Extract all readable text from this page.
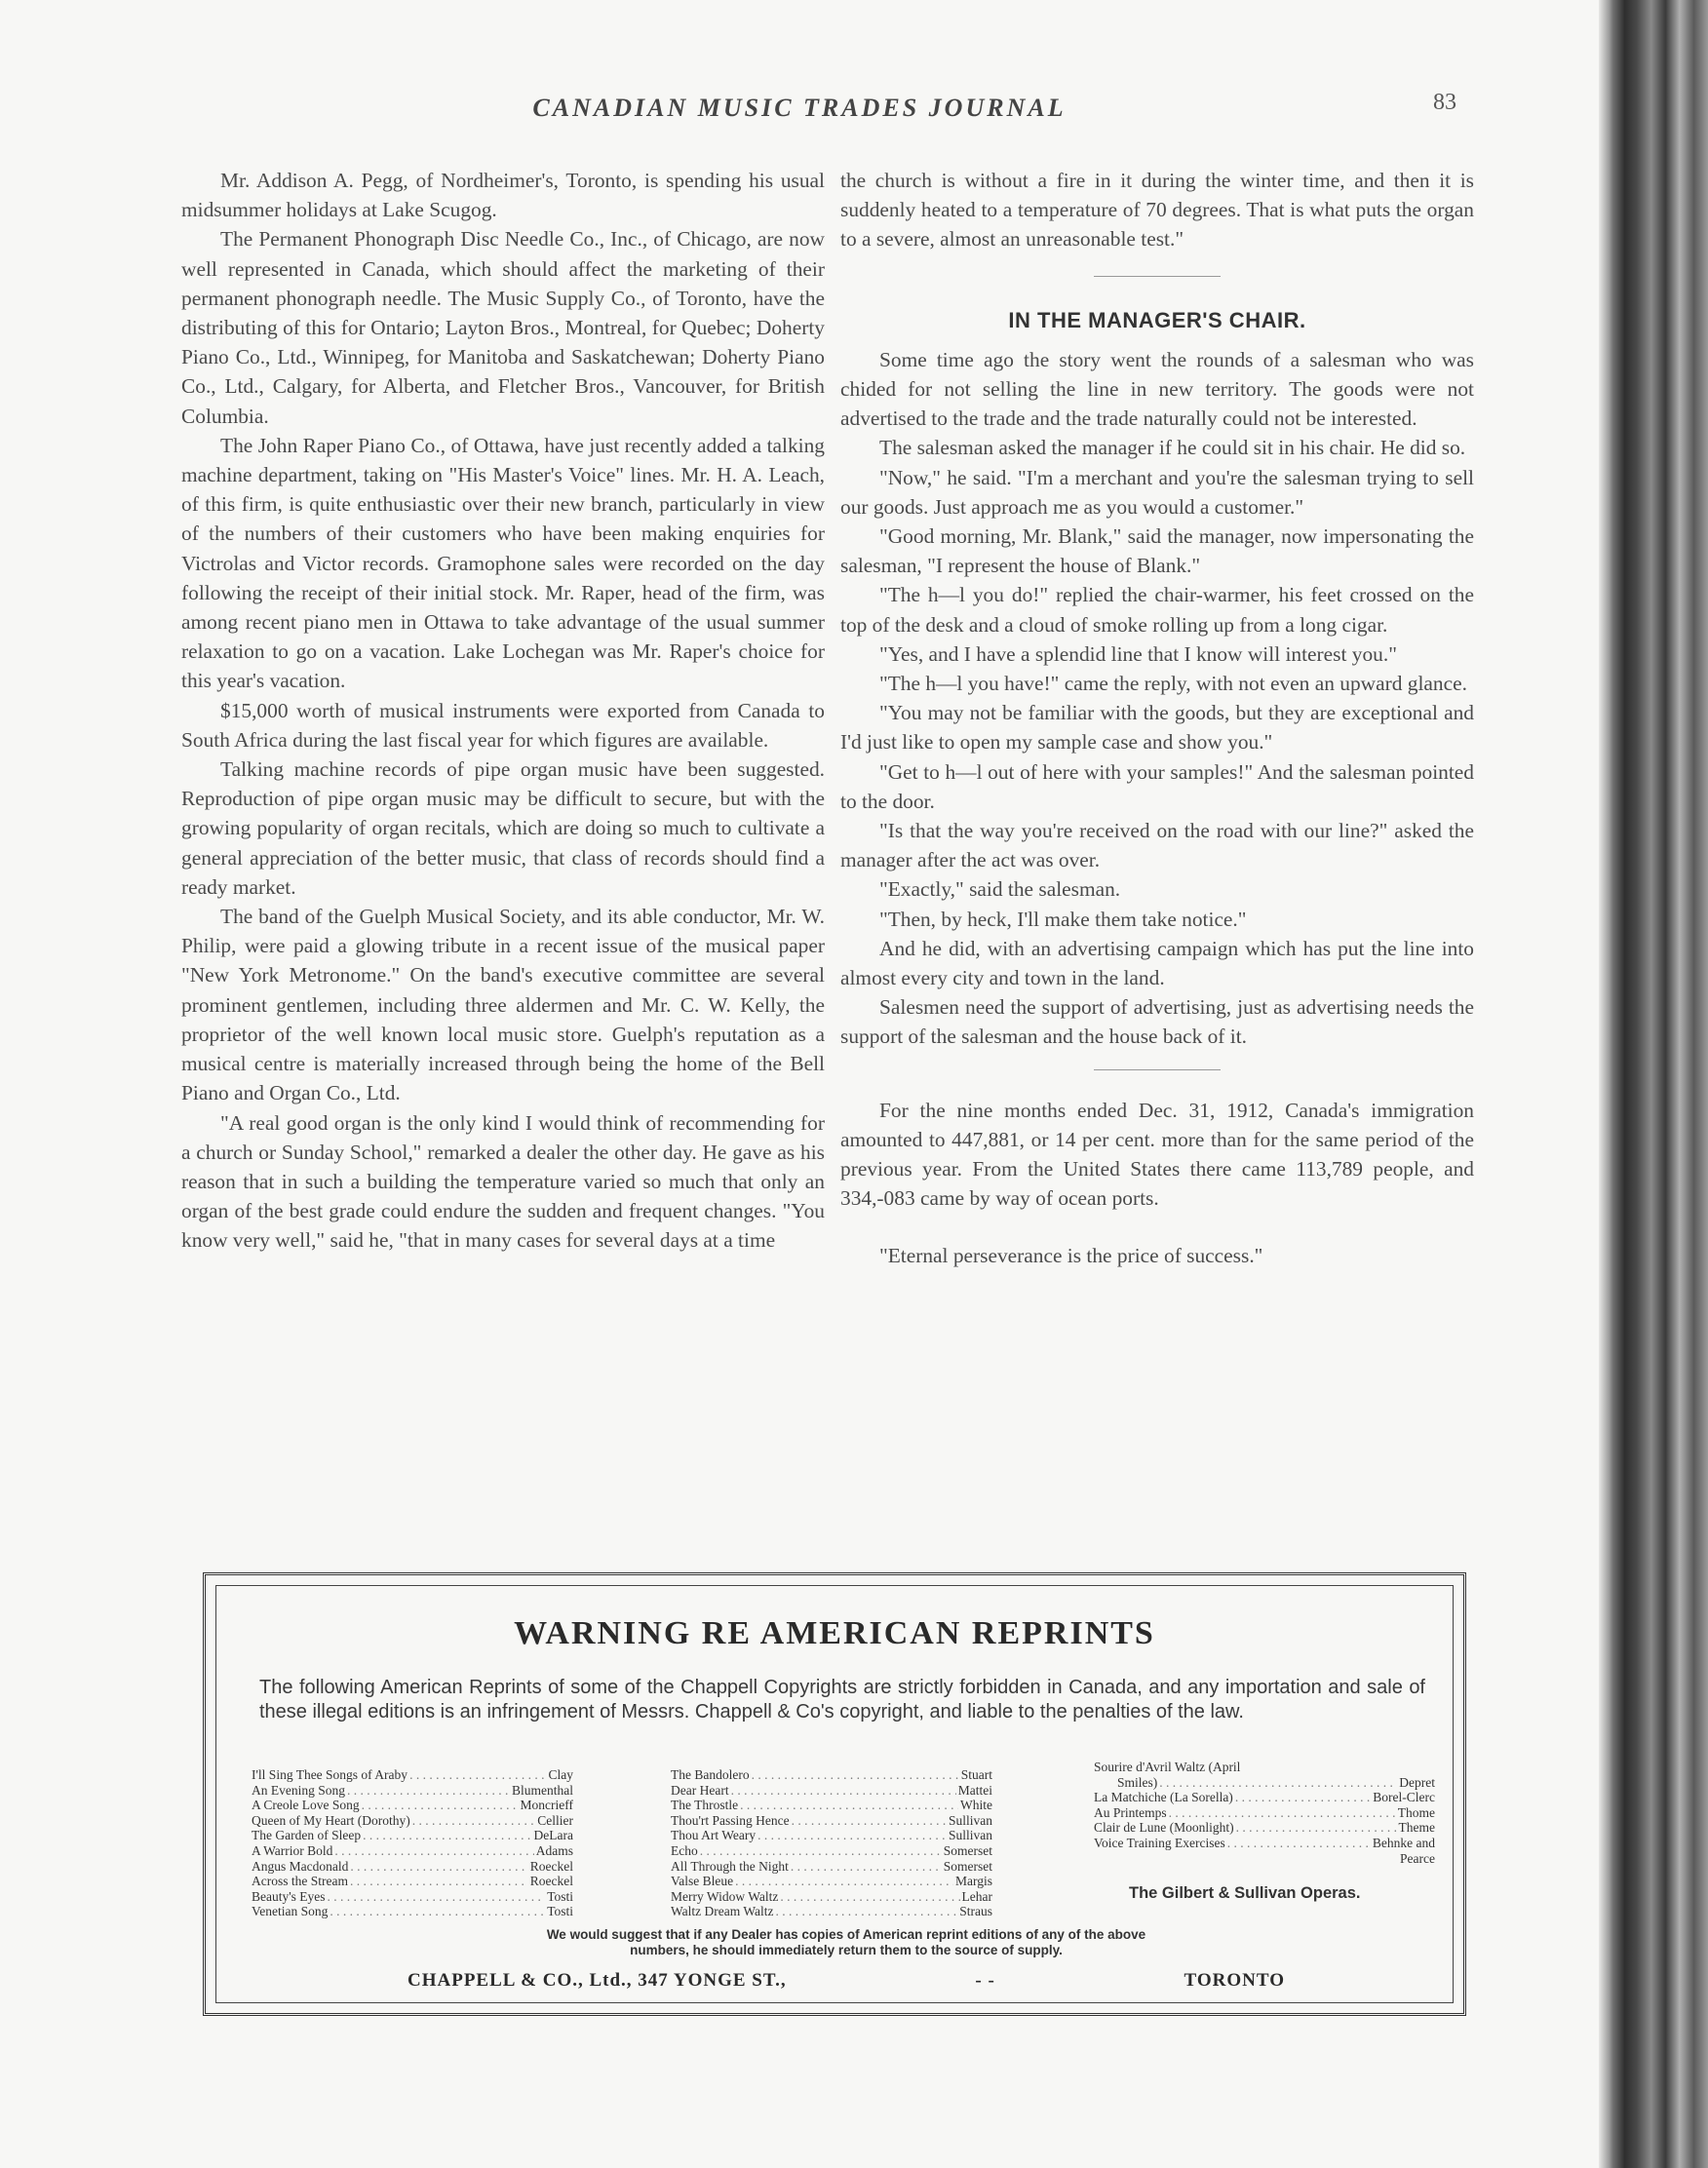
CANADIAN MUSIC TRADES JOURNAL	83

Mr. Addison A. Pegg, of Nordheimer's, Toronto, is spending his usual midsummer holidays at Lake Scugog.

The Permanent Phonograph Disc Needle Co., Inc., of Chicago, are now well represented in Canada, which should affect the marketing of their permanent phonograph needle. The Music Supply Co., of Toronto, have the distributing of this for Ontario; Layton Bros., Montreal, for Quebec; Doherty Piano Co., Ltd., Winnipeg, for Manitoba and Saskatchewan; Doherty Piano Co., Ltd., Calgary, for Alberta, and Fletcher Bros., Vancouver, for British Columbia.

The John Raper Piano Co., of Ottawa, have just recently added a talking machine department, taking on "His Master's Voice" lines. Mr. H. A. Leach, of this firm, is quite enthusiastic over their new branch, particularly in view of the numbers of their customers who have been making enquiries for Victrolas and Victor records. Gramophone sales were recorded on the day following the receipt of their initial stock. Mr. Raper, head of the firm, was among recent piano men in Ottawa to take advantage of the usual summer relaxation to go on a vacation. Lake Lochegan was Mr. Raper's choice for this year's vacation.

$15,000 worth of musical instruments were exported from Canada to South Africa during the last fiscal year for which figures are available.

Talking machine records of pipe organ music have been suggested. Reproduction of pipe organ music may be difficult to secure, but with the growing popularity of organ recitals, which are doing so much to cultivate a general appreciation of the better music, that class of records should find a ready market.

The band of the Guelph Musical Society, and its able conductor, Mr. W. Philip, were paid a glowing tribute in a recent issue of the musical paper "New York Metronome." On the band's executive committee are several prominent gentlemen, including three aldermen and Mr. C. W. Kelly, the proprietor of the well known local music store. Guelph's reputation as a musical centre is materially increased through being the home of the Bell Piano and Organ Co., Ltd.

"A real good organ is the only kind I would think of recommending for a church or Sunday School," remarked a dealer the other day. He gave as his reason that in such a building the temperature varied so much that only an organ of the best grade could endure the sudden and frequent changes. "You know very well," said he, "that in many cases for several days at a time

the church is without a fire in it during the winter time, and then it is suddenly heated to a temperature of 70 degrees. That is what puts the organ to a severe, almost an unreasonable test."

IN THE MANAGER'S CHAIR.

Some time ago the story went the rounds of a salesman who was chided for not selling the line in new territory. The goods were not advertised to the trade and the trade naturally could not be interested.

The salesman asked the manager if he could sit in his chair. He did so.

"Now," he said. "I'm a merchant and you're the salesman trying to sell our goods. Just approach me as you would a customer."

"Good morning, Mr. Blank," said the manager, now impersonating the salesman, "I represent the house of Blank."

"The h—l you do!" replied the chair-warmer, his feet crossed on the top of the desk and a cloud of smoke rolling up from a long cigar.

"Yes, and I have a splendid line that I know will interest you."

"The h—l you have!" came the reply, with not even an upward glance.

"You may not be familiar with the goods, but they are exceptional and I'd just like to open my sample case and show you."

"Get to h—l out of here with your samples!" And the salesman pointed to the door.

"Is that the way you're received on the road with our line?" asked the manager after the act was over.

"Exactly," said the salesman.

"Then, by heck, I'll make them take notice."

And he did, with an advertising campaign which has put the line into almost every city and town in the land.

Salesmen need the support of advertising, just as advertising needs the support of the salesman and the house back of it.

For the nine months ended Dec. 31, 1912, Canada's immigration amounted to 447,881, or 14 per cent. more than for the same period of the previous year. From the United States there came 113,789 people, and 334,-083 came by way of ocean ports.

"Eternal perseverance is the price of success."

WARNING RE AMERICAN REPRINTS
The following American Reprints of some of the Chappell Copyrights are strictly forbidden in Canada, and any importation and sale of these illegal editions is an infringement of Messrs. Chappell & Co's copyright, and liable to the penalties of the law.
I'll Sing Thee Songs of Araby . . .	Clay
An Evening Song . . .	Blumenthal
A Creole Love Song . . .	Moncrieff
Queen of My Heart (Dorothy) . . .	Cellier
The Garden of Sleep . . .	DeLara
A Warrior Bold . . .	Adams
Angus Macdonald . . .	Roeckel
Across the Stream . . .	Roeckel
Beauty's Eyes . . .	Tosti
Venetian Song . . .	Tosti
The Bandolero . . .	Stuart
Dear Heart . . .	Mattei
The Throstle . . .	White
Thou'rt Passing Hence . . .	Sullivan
Thou Art Weary . . .	Sullivan
Echo . . .	Somerset
All Through the Night . . .	Somerset
Valse Bleue . . .	Margis
Merry Widow Waltz . . .	Lehar
Waltz Dream Waltz . . .	Straus
Sourire d'Avril Waltz (April
Smiles) . . .	Depret
La Matchiche (La Sorella) . . .	Borel-Clerc
Au Printemps . . .	Thome
Clair de Lune (Moonlight) . . .	Theme
Voice Training Exercises . . .	Behnke and
Pearce
The Gilbert & Sullivan Operas.
We would suggest that if any Dealer has copies of American reprint editions of any of the above numbers, he should immediately return them to the source of supply.
CHAPPELL & CO., Ltd., 347 YONGE ST.,	- -	TORONTO
